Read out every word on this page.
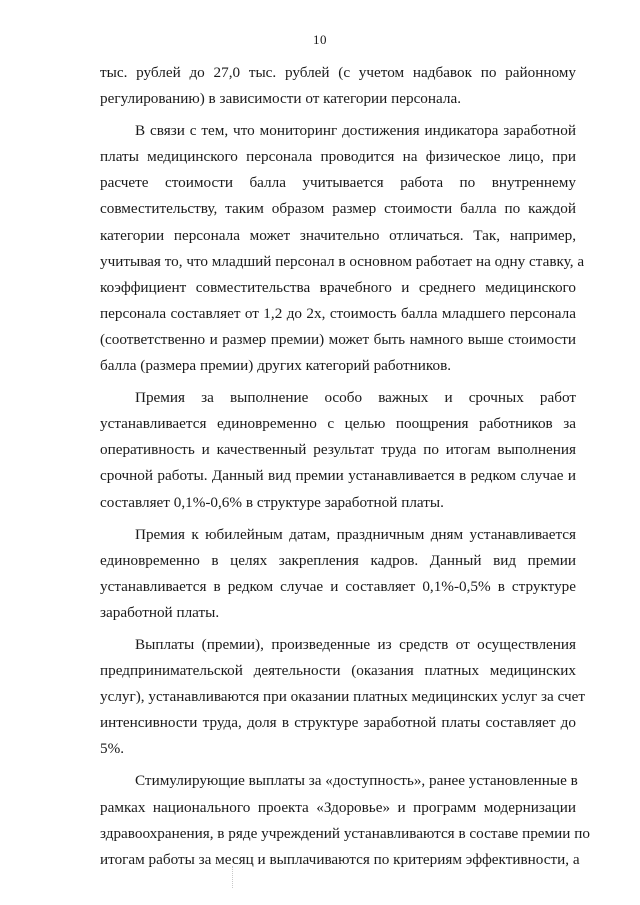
10
тыс. рублей до 27,0 тыс. рублей (с учетом надбавок по районному
регулированию) в зависимости от категории персонала.
В связи с тем, что мониторинг достижения индикатора заработной
платы медицинского персонала проводится на физическое лицо, при
расчете стоимости балла учитывается работа по внутреннему
совместительству, таким образом размер стоимости балла по каждой
категории персонала может значительно отличаться. Так, например,
учитывая то, что младший персонал в основном работает на одну ставку, а
коэффициент совместительства врачебного и среднего медицинского
персонала составляет от 1,2 до 2х, стоимость балла младшего персонала
(соответственно и размер премии) может быть намного выше стоимости
балла (размера премии) других категорий работников.
Премия за выполнение особо важных и срочных работ
устанавливается единовременно с целью поощрения работников за
оперативность и качественный результат труда по итогам выполнения
срочной работы. Данный вид премии устанавливается в редком случае и
составляет 0,1%-0,6% в структуре заработной платы.
Премия к юбилейным датам, праздничным дням устанавливается
единовременно в целях закрепления кадров. Данный вид премии
устанавливается в редком случае и составляет 0,1%-0,5% в структуре
заработной платы.
Выплаты (премии), произведенные из средств от осуществления
предпринимательской деятельности (оказания платных медицинских
услуг), устанавливаются при оказании платных медицинских услуг за счет
интенсивности труда, доля в структуре заработной платы составляет до
5%.
Стимулирующие выплаты за «доступность», ранее установленные в
рамках национального проекта «Здоровье» и программ модернизации
здравоохранения, в ряде учреждений устанавливаются в составе премии по
итогам работы за месяц и выплачиваются по критериям эффективности, а
